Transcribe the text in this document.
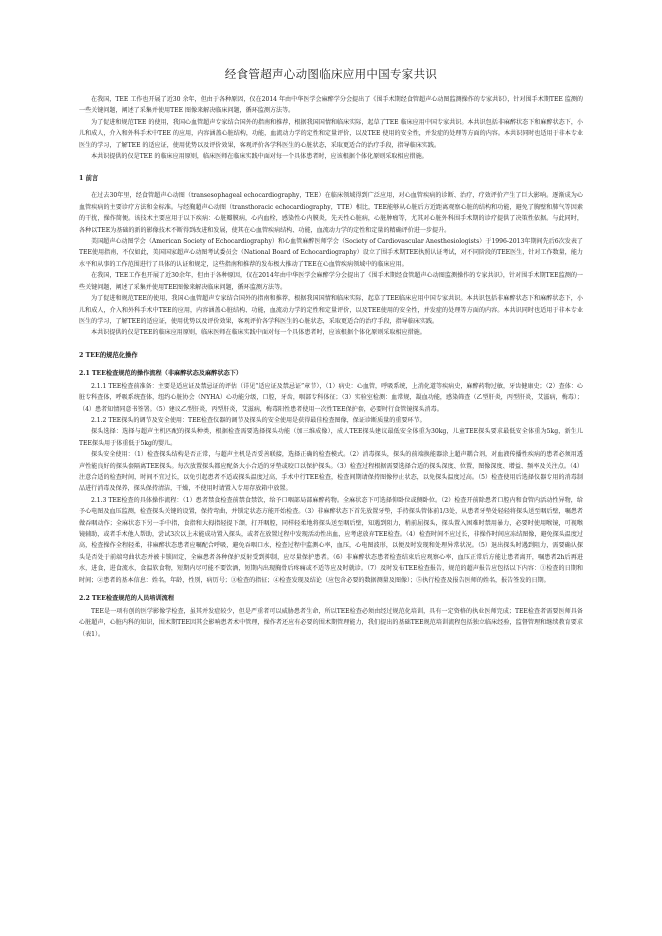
经食管超声心动图临床应用中国专家共识

在我国，TEE 工作也开展了近30 余年，但由于各种原因，仅在2014 年由中华医学会麻醉学分会提出了《围手术期经食管超声心动图监测操作的专家共识》，针对围手术期TEE 监测的一些关键问题，阐述了采集并使用TEE 图像来解决临床问题，循环监测方法等。

为了促进和规范TEE 的使用，我国心血管超声专家结合国外的指南和推荐，根据我国国情和临床实际，起草了TEE 临床应用中国专家共识。本共识包括非麻醉状态下和麻醉状态下，小儿和成人，介入和外科手术中TEE 的应用，内容涵盖心脏结构，功能，血流动力学的定性和定量评价，以及TEE 使用的安全性，并发症的处理等方面的内容。本共识同时也适用于非本专业医生的学习，了解TEE 的适应证，使用优势以及评价效果，客观评价各学科医生的心脏状态，采取更适合的治疗手段，指导临床实践。

本共识提供的仅是TEE 的临床应用原则，临床医师在临床实践中面对每一个具体患者时，应该根据个体化原则采取相应措施。

1 前言

在过去30年里，经食管超声心动图（transesophageal echocardiography，TEE）在临床领域得到广泛应用，对心血管疾病的诊断、治疗，疗效评价产生了巨大影响。逐渐成为心血管疾病的主要诊疗方法和金标准。与经胸超声心动图（transthoracic echocardiography，TTE）相比，TEE能够从心脏后方近距离观察心脏的结构和功能，避免了胸壁和肺气等因素的干扰，操作简便。该技术主要应用于以下疾病：心脏瓣膜病，心内血栓，感染性心内膜炎，先天性心脏病，心脏肿瘤等，尤其对心脏外科围手术期的诊疗提供了决策性依据。与此同时，各种以TEE为基础的新的影像技术不断得到改进和发展，使其在心血管疾病结构、功能，血流动力学的定性和定量的精确评价进一步提升。

美国超声心动图学会（American Society of Echocardiography）和心血管麻醉医师学会（Society of Cardiovascular Anesthesiologists）于1996-2013年期间先后6次发表了TEE使用指南，不仅如此，美国国家超声心动图考试委员会（National Board of Echocardiography）设立了围手术期TEE执照认证考试，对不同阶段的TEE医生，针对工作数量，能力水平和从事的工作范围进行了具体的认证和规定，这些指南和推荐的发布极大推动了TEE在心血管疾病领域中的临床应用。

在我国，TEE工作也开展了近30余年，但由于各种原因，仅在2014年由中华医学会麻醉学分会提出了《围手术期经食管超声心动图监测操作的专家共识》，针对围手术期TEE监测的一些关键问题，阐述了采集并使用TEE图像来解决临床问题，循环监测方法等。

为了促进和规范TEE的使用，我国心血管超声专家结合国外的指南和推荐，根据我国国情和临床实际，起草了TEE临床应用中国专家共识。本共识包括非麻醉状态下和麻醉状态下，小儿和成人，介入和外科手术中TEE的应用，内容涵盖心脏结构、功能，血流动力学的定性和定量评价，以及TEE使用的安全性，并发症的处理等方面的内容。本共识同时也适用于非本专业医生的学习，了解TEE的适应证，使用优势以及评价效果，客观评价各学科医生的心脏状态，采取更适合的治疗手段，指导临床实践。

本共识提供的仅是TEE的临床应用原则，临床医师在临床实践中面对每一个具体患者时，应该根据个体化原则采取相应措施。

2 TEE的规范化操作
2.1 TEE检查规范的操作流程（非麻醉状态及麻醉状态下）

2.1.1 TEE检查前准备：主要是适应证及禁忌证的评估（详见“适应证及禁忌证”章节），（1）病史：心血管，呼吸系统，上消化道等疾病史，麻醉药物过敏，牙齿健康史；（2）查体：心脏专科查体，呼吸系统查体，纽约心脏协会（NYHA）心功能分级，口腔，牙齿，咽部专科体征；（3）实验室检测：血常规，凝血功能，感染筛查（乙型肝炎，丙型肝炎，艾滋病，梅毒）；（4）患者知情同意书签署。（5）建议乙型肝炎，丙型肝炎，艾滋病，梅毒阳性患者使用一次性TEE保护套，必要时行食管镜探头消毒。

2.1.2 TEE探头的调节及安全使用：TEE检查仪器的调节及探头的安全使用是获得最佳检查图像，保证诊断质量的重要环节。

探头选择：选择与超声主机匹配的探头种类，根据检查需要选择探头功能（加三维成像），成人TEE探头建议最低安全体重为30kg，儿童TEE探头要求最低安全体重为5kg，新生儿TEE探头用于体重低于5kg的婴儿。

探头安全使用：（1）检查探头结构是否正常，与超声主机是否妥善联接，选择正确的检查模式。（2）消毒探头，探头的前端换能器涂上超声耦合剂，对血液传播性疾病的患者必须用透声性能良好的探头套隔离TEE探头。每次放置探头都应配备大小合适的牙垫或咬口以保护探头。（3）检查过程根据需要选择合适的探头深度、位置，图像深度、增益、频率及关注点。（4）注意合适的检查时间，时间不宜过长，以免引起患者不适或探头温度过高，手术中行TEE检查，检查间期请保持图像停止状态，以免探头温度过高。（5）检查使用后选择仪器专用的消毒制品进行消毒及保养，探头保持清洁，干燥，不使用时请置入专用存放箱中放置。

2.1.3 TEE检查的具体操作流程：（1）患者禁食检查前禁食禁饮，给予口咽部局部麻醉药物。全麻状态下可选择仰卧位或侧卧位。（2）检查开前除患者口腔内和食管内活动性异物，给予心电图及血压监测，检查探头关键的设置，保持弯曲，并锁定状态方能开始检查。（3）非麻醉状态下首先放置牙垫，手持探头管体前1/3处，从患者牙垫处轻轻将探头送至咽后壁，嘱患者做吞咽动作；全麻状态下另一手中指，食指和大拇指轻提下颌，打开咽腔，同样轻柔地将探头送至咽后壁，知遇到阻力，稍前屈探头，探头置入困难时禁用暴力，必要时使用喉镜，可视喉镜辅助，或者手术他人帮助，尝试3次以上未能成功置入探头，或者在放置过程中发现活动性出血，应考虑放弃TEE检查。（4）检查时间不应过长，非操作时间应冻结图像，避免探头温度过高，检查操作全程轻柔，非麻醉状态患者应嘱配合呼吸，避免吞咽口水，检查过程中监测心率，血压，心电图波形，以便及时发现和处理异常状况。（5）退出探头时遇到阻力，需要确认探头是否处于前端弯曲状态并被卡锁固定，全麻患者各种保护反射受到抑制，应尽量保护患者。（6）非麻醉状态患者检查结束后应观察心率，血压正常后方能让患者离开，嘱患者2h后再进水，进食，进食流水，食温软食物，短期内尽可能不要饮酒，短期内出现胸骨后疼痛或不适等应及时就诊。（7）及时发布TEE检查报告，规范的超声报告应包括以下内容：①检查的日期和时间；②患者的基本信息：姓名，年龄，性别，病历号；③检查的指征；④检查发现及结论（应包含必要的数据测量及图像）；⑤执行检查及报告医师的姓名，报告签发的日期。

2.2 TEE检查规范的人员培训流程

TEE是一项有创的医学影像学检查，虽其并发症较少，但是严重者可以威胁患者生命，所以TEE检查必须由经过规范化培训，具有一定资格的执业医师完成；TEE检查者需要医师具备心脏超声，心脏内科的知识，围术期TEE因其会影响患者术中管理，操作者还应有必要的围术期管理能力，我们提出的基础TEE规范培训流程包括独立临床经验，监督管理和继续教育要求（表1）。
